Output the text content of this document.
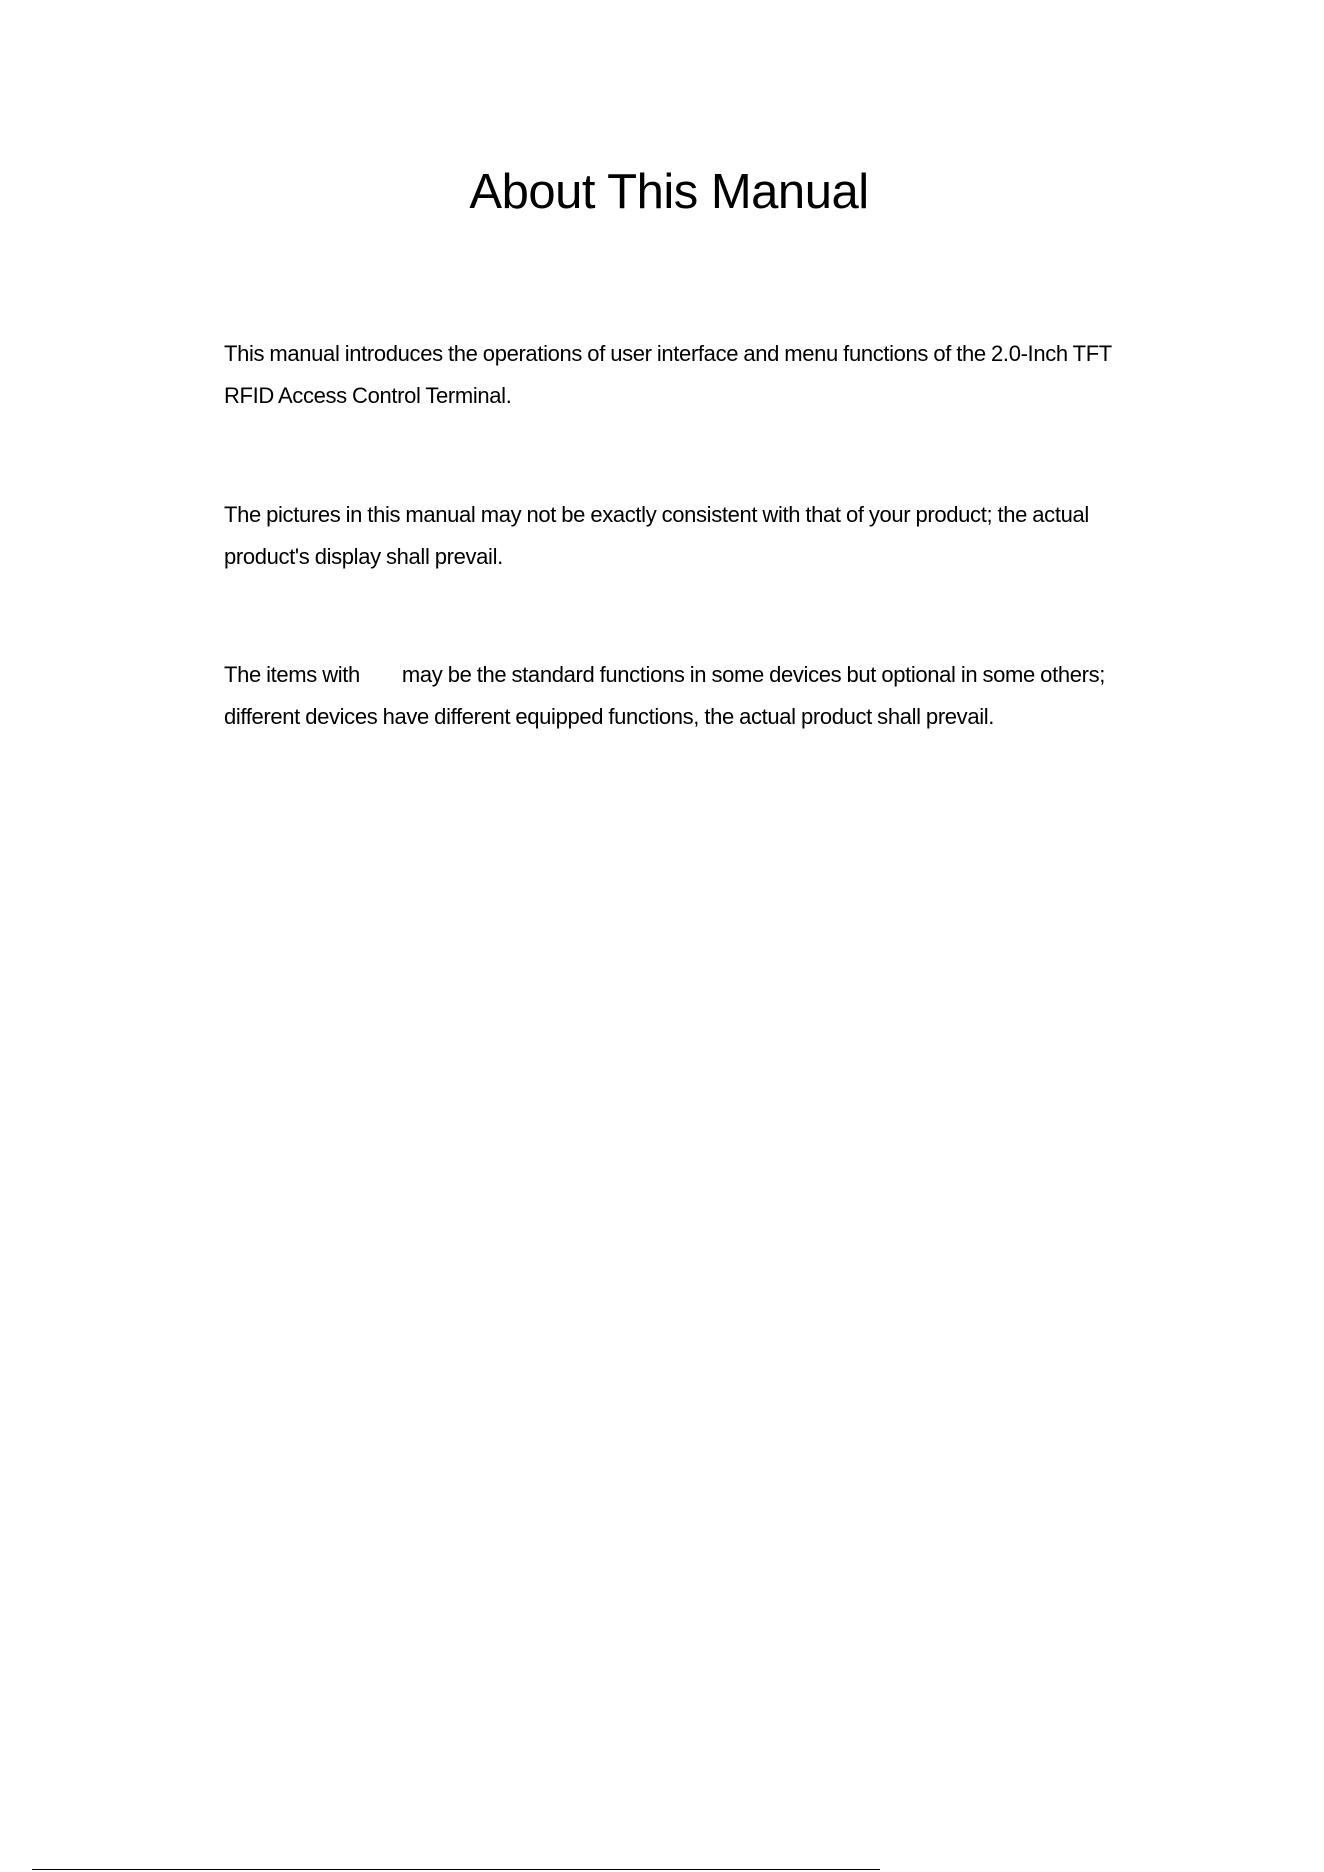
About This Manual

This manual introduces the operations of user interface and menu functions of the 2.0-Inch TFT
RFID Access Control Terminal.

The pictures in this manual may not be exactly consistent with that of your product; the actual
product's display shall prevail.

The items with may be the standard functions in some devices but optional in some others;
different devices have different equipped functions, the actual product shall prevail.
